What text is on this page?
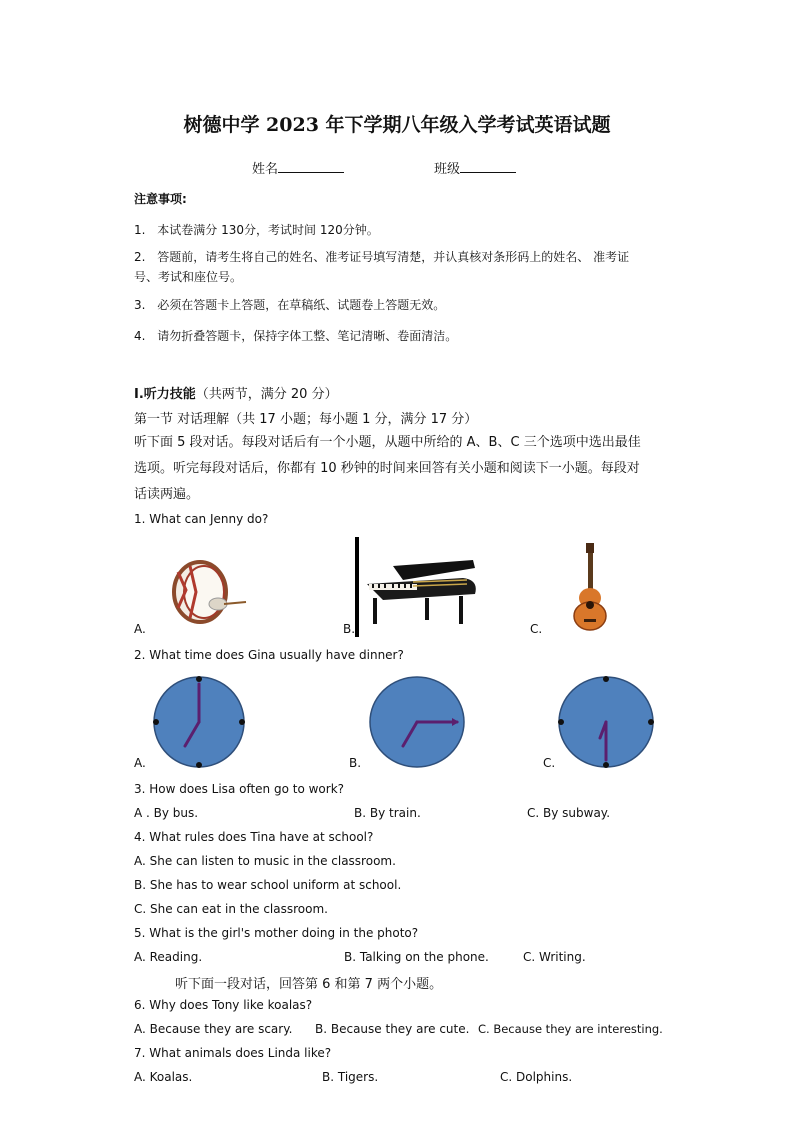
树德中学 2023 年下学期八年级入学考试英语试题
姓名	班级
注意事项:
1. 本试卷满分 130分，考试时间 120分钟。
2. 答题前，请考生将自己的姓名、准考证号填写清楚，并认真核对条形码上的姓名、 准考证
号、考试和座位号。
3. 必须在答题卡上答题，在草稿纸、试题卷上答题无效。
4. 请勿折叠答题卡，保持字体工整、笔记清晰、卷面清洁。
Ⅰ.听力技能（共两节，满分 20 分）
第一节 对话理解（共 17 小题；每小题 1 分，满分 17 分）
听下面 5 段对话。每段对话后有一个小题，从题中所给的 A、B、C 三个选项中选出最佳
选项。听完每段对话后，你都有 10 秒钟的时间来回答有关小题和阅读下一小题。每段对
话读两遍。
1. What can Jenny do?
A.	B.	C.
2. What time does Gina usually have dinner?
A.	B.	C.
3. How does Lisa often go to work?
A . By bus.	B. By train.	C. By subway.
4. What rules does Tina have at school?
A. She can listen to music in the classroom.
B. She has to wear school uniform at school.
C. She can eat in the classroom.
5. What is the girl's mother doing in the photo?
A. Reading.	B. Talking on the phone.	C. Writing.
听下面一段对话，回答第 6 和第 7 两个小题。
6. Why does Tony like koalas?
A. Because they are scary. B. Because they are cute. C. Because they are interesting.
7. What animals does Linda like?
A. Koalas.	B. Tigers.	C. Dolphins.
